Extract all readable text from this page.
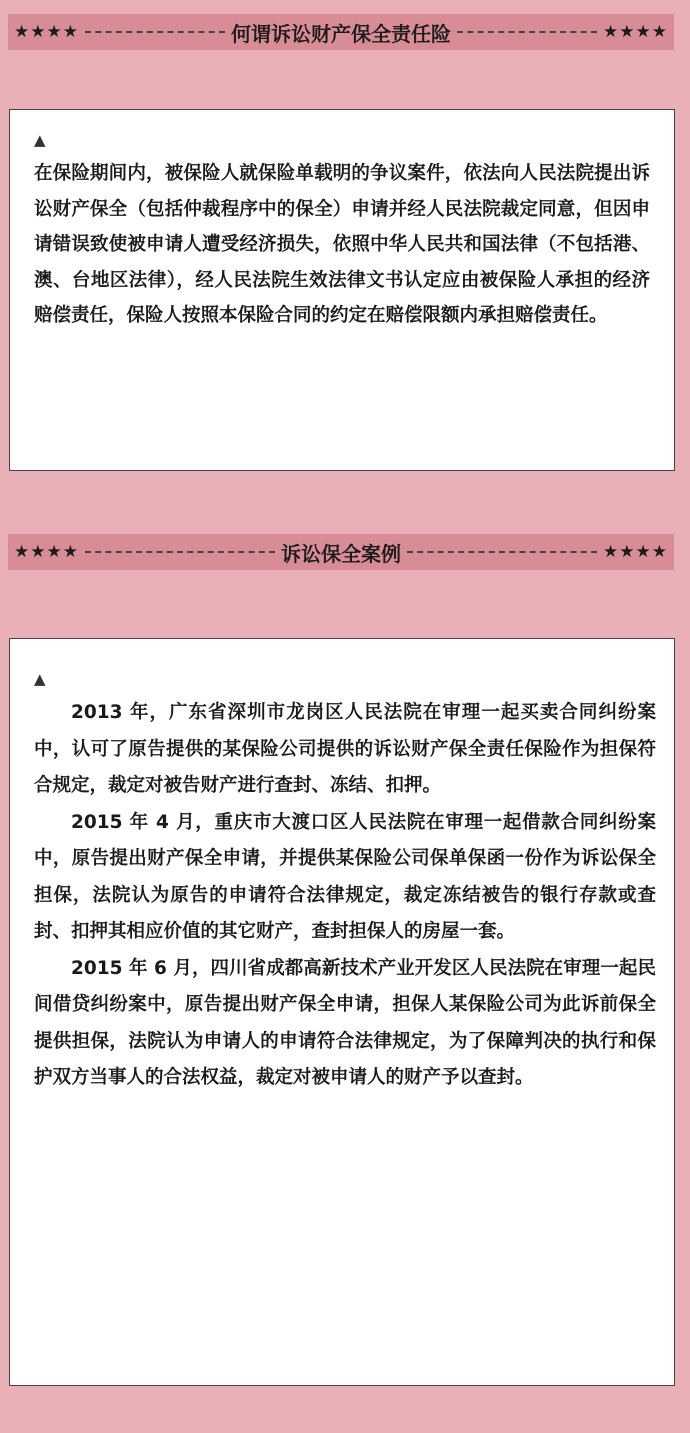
★★★★	何谓诉讼财产保全责任险	★★★★
▲

在保险期间内，被保险人就保险单载明的争议案件，依法向人民法院提出诉讼财产保全（包括仲裁程序中的保全）申请并经人民法院裁定同意，但因申请错误致使被申请人遭受经济损失，依照中华人民共和国法律（不包括港、澳、台地区法律），经人民法院生效法律文书认定应由被保险人承担的经济赔偿责任，保险人按照本保险合同的约定在赔偿限额内承担赔偿责任。

★★★★	诉讼保全案例	★★★★
▲

2013 年，广东省深圳市龙岗区人民法院在审理一起买卖合同纠纷案中，认可了原告提供的某保险公司提供的诉讼财产保全责任保险作为担保符合规定，裁定对被告财产进行查封、冻结、扣押。

2015 年 4 月，重庆市大渡口区人民法院在审理一起借款合同纠纷案中，原告提出财产保全申请，并提供某保险公司保单保函一份作为诉讼保全担保，法院认为原告的申请符合法律规定，裁定冻结被告的银行存款或查封、扣押其相应价值的其它财产，查封担保人的房屋一套。

2015 年 6 月，四川省成都高新技术产业开发区人民法院在审理一起民间借贷纠纷案中，原告提出财产保全申请，担保人某保险公司为此诉前保全提供担保，法院认为申请人的申请符合法律规定，为了保障判决的执行和保护双方当事人的合法权益，裁定对被申请人的财产予以查封。
